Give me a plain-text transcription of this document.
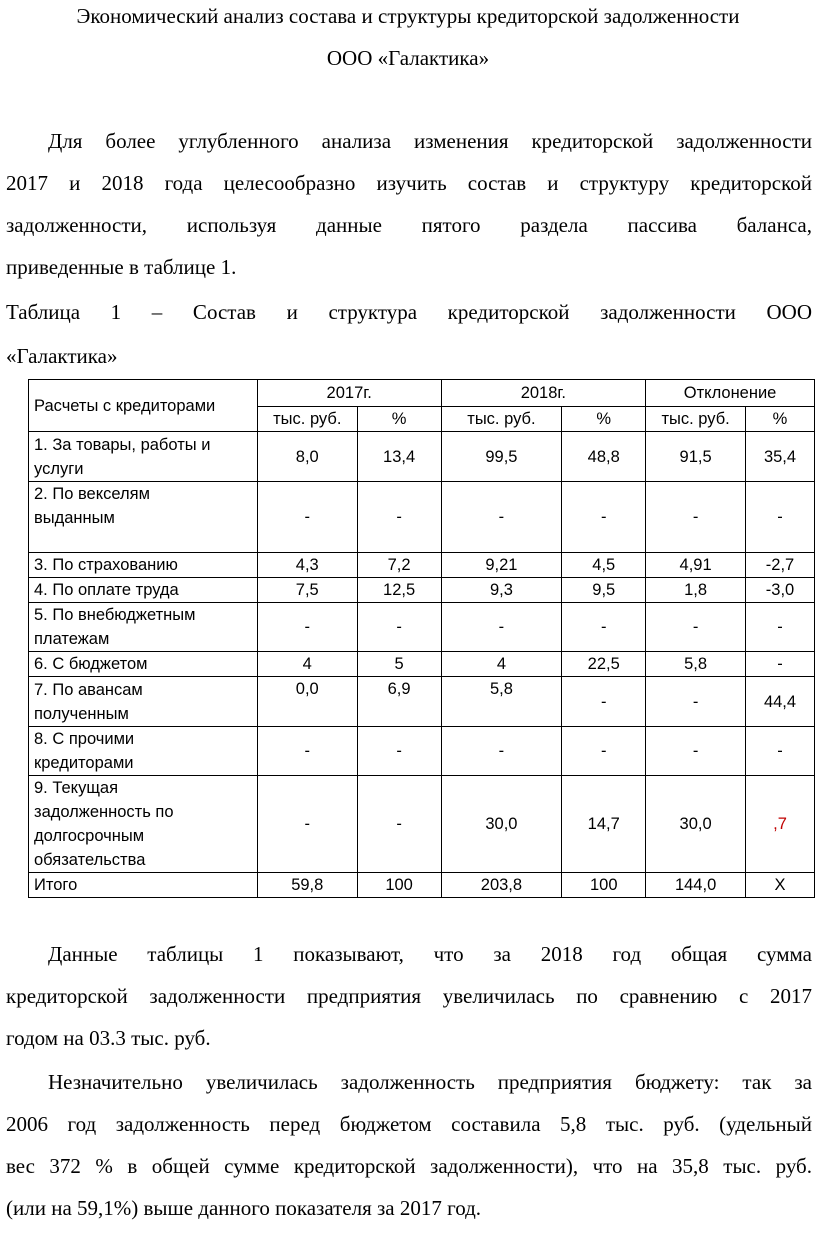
Экономический анализ состава и структуры кредиторской задолженности
ООО «Галактика»
Для более углубленного анализа изменения кредиторской задолженности
2017 и 2018 года целесообразно изучить состав и структуру кредиторской
задолженности, используя данные пятого раздела пассива баланса,
приведенные в таблице 1.
Таблица 1 – Состав и структура кредиторской задолженности ООО
«Галактика»
Расчеты с кредиторами	2017г.		2018г.		Отклонение	
	тыс. руб.	%	тыс. руб.	%	тыс. руб.	%
1. За товары, работы и услуги	8,0	13,4	99,5	48,8	91,5	35,4
2. По векселям выданным	-	-	-	-	-	-
3. По страхованию	4,3	7,2	9,21	4,5	4,91	-2,7
4. По оплате труда	7,5	12,5	9,3	9,5	1,8	-3,0
5. По внебюджетным платежам	-	-	-	-	-	-
6. С бюджетом	4	5	4	22,5	5,8	-
7. По авансам полученным	0,0	6,9	5,8	-	-	44,4
8. С прочими кредиторами	-	-	-	-	-	-
9. Текущая задолженность по долгосрочным обязательства	-	-	30,0	14,7	30,0	,7
Итого	59,8	100	203,8	100	144,0	Х
Данные таблицы 1 показывают, что за 2018 год общая сумма
кредиторской задолженности предприятия увеличилась по сравнению с 2017
годом на 03.3 тыс. руб.
Незначительно увеличилась задолженность предприятия бюджету: так за
2006 год задолженность перед бюджетом составила 5,8 тыс. руб. (удельный
вес 372 % в общей сумме кредиторской задолженности), что на 35,8 тыс. руб.
(или на 59,1%) выше данного показателя за 2017 год.
